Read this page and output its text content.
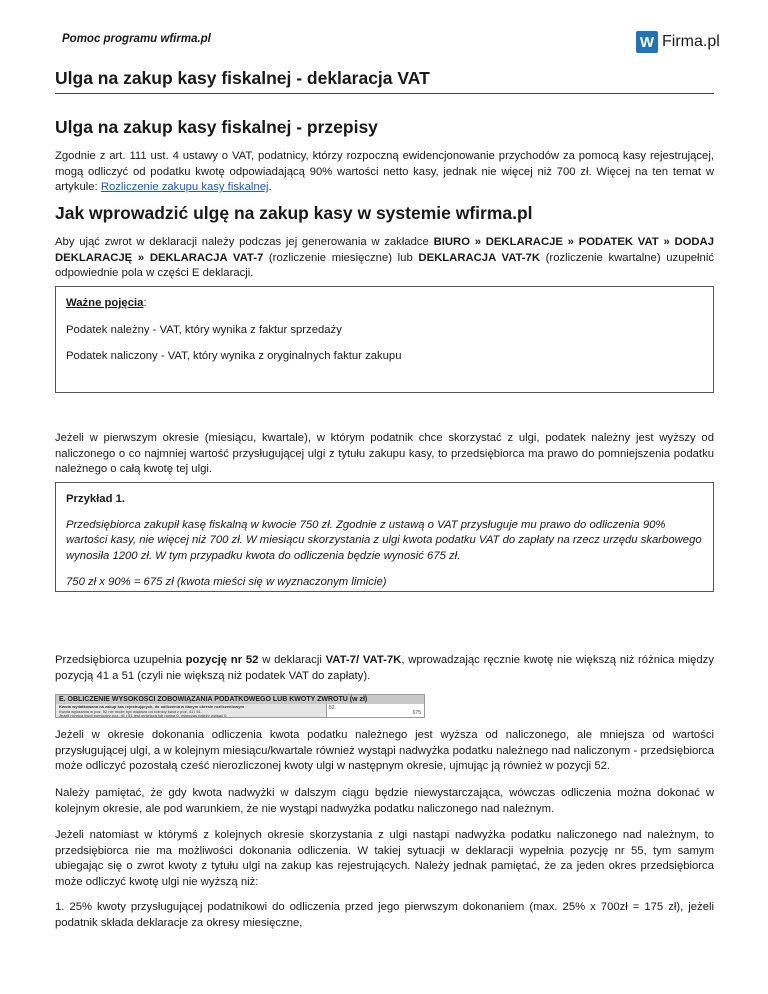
Pomoc programu wfirma.pl	W Firma.pl
Ulga na zakup kasy fiskalnej - deklaracja VAT
Ulga na zakup kasy fiskalnej - przepisy
Zgodnie z art. 111 ust. 4 ustawy o VAT, podatnicy, którzy rozpoczną ewidencjonowanie przychodów za pomocą kasy rejestrującej, mogą odliczyć od podatku kwotę odpowiadającą 90% wartości netto kasy, jednak nie więcej niż 700 zł. Więcej na ten temat w artykule: Rozliczenie zakupu kasy fiskalnej.
Jak wprowadzić ulgę na zakup kasy w systemie wfirma.pl
Aby ująć zwrot w deklaracji należy podczas jej generowania w zakładce BIURO » DEKLARACJE » PODATEK VAT » DODAJ DEKLARACJĘ » DEKLARACJA VAT-7 (rozliczenie miesięczne) lub DEKLARACJA VAT-7K (rozliczenie kwartalne) uzupełnić odpowiednie pola w części E deklaracji.
Ważne pojęcia:
Podatek należny - VAT, który wynika z faktur sprzedaży
Podatek naliczony - VAT, który wynika z oryginalnych faktur zakupu
Jeżeli w pierwszym okresie (miesiącu, kwartale), w którym podatnik chce skorzystać z ulgi, podatek należny jest wyższy od naliczonego o co najmniej wartość przysługującej ulgi z tytułu zakupu kasy, to przedsiębiorca ma prawo do pomniejszenia podatku należnego o całą kwotę tej ulgi.
Przykład 1.
Przedsiębiorca zakupił kasę fiskalną w kwocie 750 zł. Zgodnie z ustawą o VAT przysługuje mu prawo do odliczenia 90% wartości kasy, nie więcej niż 700 zł. W miesiącu skorzystania z ulgi kwota podatku VAT do zapłaty na rzecz urzędu skarbowego wynosiła 1200 zł. W tym przypadku kwota do odliczenia będzie wynosić 675 zł.
750 zł x 90% = 675 zł (kwota mieści się w wyznaczonym limicie)
Przedsiębiorca uzupełnia pozycję nr 52 w deklaracji VAT-7/ VAT-7K, wprowadzając ręcznie kwotę nie większą niż różnica między pozycją 41 a 51 (czyli nie większą niż podatek VAT do zapłaty).
E. OBLICZENIE WYSOKOŚCI ZOBOWIĄZANIA PODATKOWEGO LUB KWOTY ZWROTU (w zł)
Kwota wydatkowana na zakup kas rejestrujących, do odliczenia w danym okresie rozliczeniowym
Kwota wykazana w poz. 52 nie może być większa od różnicy kwot z poz. 41 i 51.
Jeżeli różnica kwot pomiędzy poz. 41 i 51 jest mniejsza lub równa 0, wówczas należy wpisać 0.
52.
675
Jeżeli w okresie dokonania odliczenia kwota podatku należnego jest wyższa od naliczonego, ale mniejsza od wartości przysługującej ulgi, a w kolejnym miesiącu/kwartale również wystąpi nadwyżka podatku należnego nad naliczonym - przedsiębiorca może odliczyć pozostałą cześć nierozliczonej kwoty ulgi w następnym okresie, ujmując ją również w pozycji 52.
Należy pamiętać, że gdy kwota nadwyżki w dalszym ciągu będzie niewystarczająca, wówczas odliczenia można dokonać w kolejnym okresie, ale pod warunkiem, że nie wystąpi nadwyżka podatku naliczonego nad należnym.
Jeżeli natomiast w którymś z kolejnych okresie skorzystania z ulgi nastąpi nadwyżka podatku naliczonego nad należnym, to przedsiębiorca nie ma możliwości dokonania odliczenia. W takiej sytuacji w deklaracji wypełnia pozycję nr 55, tym samym ubiegając się o zwrot kwoty z tytułu ulgi na zakup kas rejestrujących. Należy jednak pamiętać, że za jeden okres przedsiębiorca może odliczyć kwotę ulgi nie wyższą niż:
1. 25% kwoty przysługującej podatnikowi do odliczenia przed jego pierwszym dokonaniem (max. 25% x 700zł = 175 zł), jeżeli podatnik składa deklaracje za okresy miesięczne,
